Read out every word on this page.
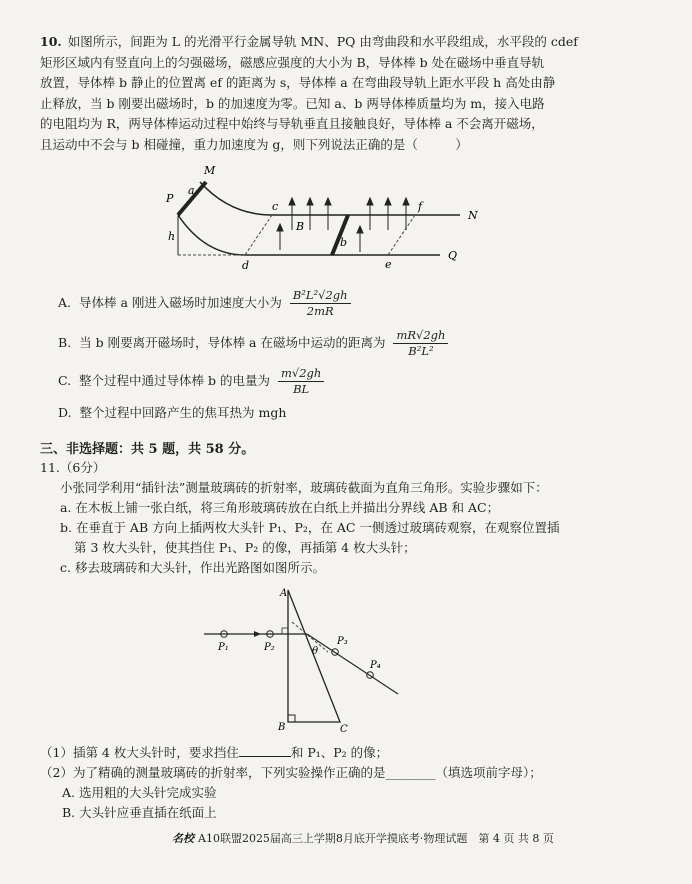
10. 如图所示，间距为 L 的光滑平行金属导轨 MN、PQ 由弯曲段和水平段组成，水平段的 cdef
矩形区域内有竖直向上的匀强磁场，磁感应强度的大小为 B，导体棒 b 处在磁场中垂直导轨
放置，导体棒 b 静止的位置离 ef 的距离为 s，导体棒 a 在弯曲段导轨上距水平段 h 高处由静
止释放，当 b 刚要出磁场时，b 的加速度为零。已知 a、b 两导体棒质量均为 m，接入电路
的电阻均为 R，两导体棒运动过程中始终与导轨垂直且接触良好，导体棒 a 不会离开磁场，
且运动中不会与 b 相碰撞，重力加速度为 g，则下列说法正确的是（　　　）
M
P
a
h
c
B
b
f
N
d	e
Q
A. 导体棒 a 刚进入磁场时加速度大小为 $\frac{\text{B²L²√2gh}}{2mR}$
B. 当 b 刚要离开磁场时，导体棒 a 在磁场中运动的距离为 $\frac{mR√2gh}{\text{B²L²}}$
C. 整个过程中通过导体棒 b 的电量为 $\frac{m√2gh}{BL}$
D. 整个过程中回路产生的焦耳热为 mgh
三、非选择题：共 5 题，共 58 分。
11.（6分）
小张同学利用“插针法”测量玻璃砖的折射率，玻璃砖截面为直角三角形。实验步骤如下：
a. 在木板上铺一张白纸，将三角形玻璃砖放在白纸上并描出分界线 AB 和 AC；
b. 在垂直于 AB 方向上插两枚大头针 P₁、P₂，在 AC 一侧透过玻璃砖观察，在观察位置插
第 3 枚大头针，使其挡住 P₁、P₂ 的像，再插第 4 枚大头针；
c. 移去玻璃砖和大头针，作出光路图如图所示。
A
B	C
P₁	P₂
P₃
P₄
θ
（1）插第 4 枚大头针时，要求挡住	和 P₁、P₂ 的像；
（2）为了精确的测量玻璃砖的折射率，下列实验操作正确的是________（填选项前字母）；
A. 选用粗的大头针完成实验
B. 大头针应垂直插在纸面上
名校 A10联盟2025届高三上学期8月底开学摸底考·物理试题　第 4 页 共 8 页
